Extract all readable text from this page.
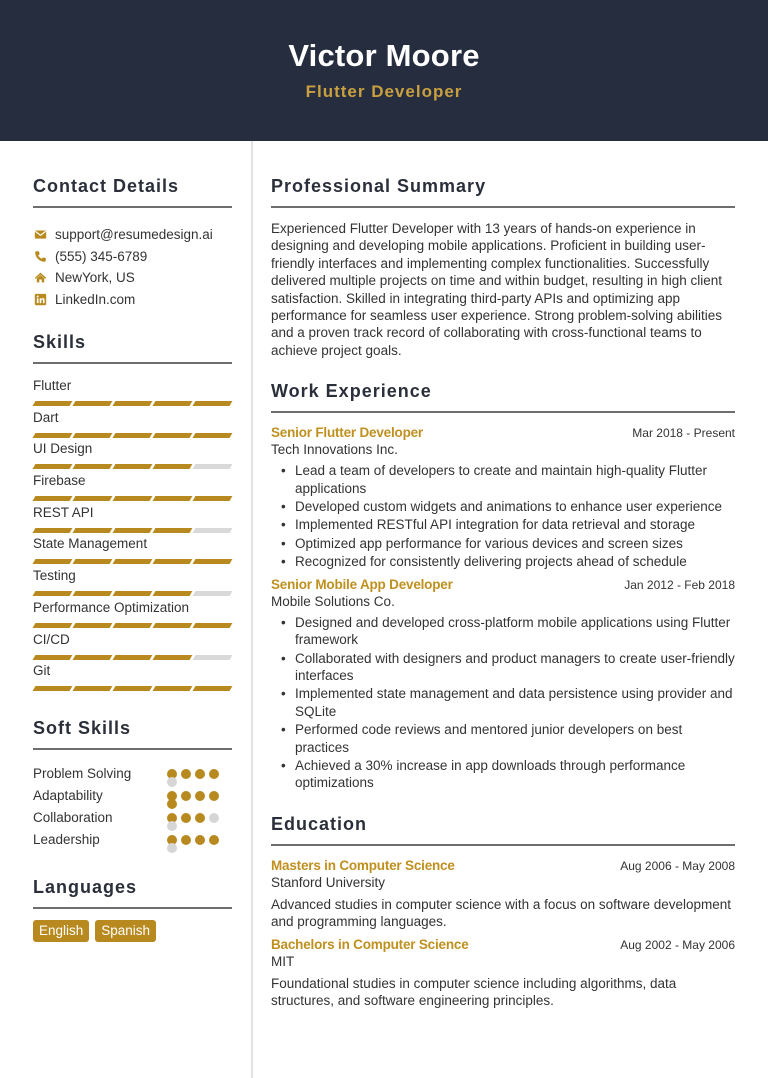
Victor Moore
Flutter Developer
Contact Details
support@resumedesign.ai
(555) 345-6789
NewYork, US
LinkedIn.com
Skills
Flutter
Dart
UI Design
Firebase
REST API
State Management
Testing
Performance Optimization
CI/CD
Git
Soft Skills
Problem Solving
Adaptability
Collaboration
Leadership
Languages
English	Spanish
Professional Summary

Experienced Flutter Developer with 13 years of hands-on experience in designing and developing mobile applications. Proficient in building user-friendly interfaces and implementing complex functionalities. Successfully delivered multiple projects on time and within budget, resulting in high client satisfaction. Skilled in integrating third-party APIs and optimizing app performance for seamless user experience. Strong problem-solving abilities and a proven track record of collaborating with cross-functional teams to achieve project goals.

Work Experience
Senior Flutter Developer	Mar 2018 - Present
Tech Innovations Inc.
• Lead a team of developers to create and maintain high-quality Flutter applications
• Developed custom widgets and animations to enhance user experience
• Implemented RESTful API integration for data retrieval and storage
• Optimized app performance for various devices and screen sizes
• Recognized for consistently delivering projects ahead of schedule
Senior Mobile App Developer	Jan 2012 - Feb 2018
Mobile Solutions Co.
• Designed and developed cross-platform mobile applications using Flutter framework
• Collaborated with designers and product managers to create user-friendly interfaces
• Implemented state management and data persistence using provider and SQLite
• Performed code reviews and mentored junior developers on best practices
• Achieved a 30% increase in app downloads through performance optimizations
Education
Masters in Computer Science	Aug 2006 - May 2008
Stanford University
Advanced studies in computer science with a focus on software development and programming languages.
Bachelors in Computer Science	Aug 2002 - May 2006
MIT
Foundational studies in computer science including algorithms, data structures, and software engineering principles.
